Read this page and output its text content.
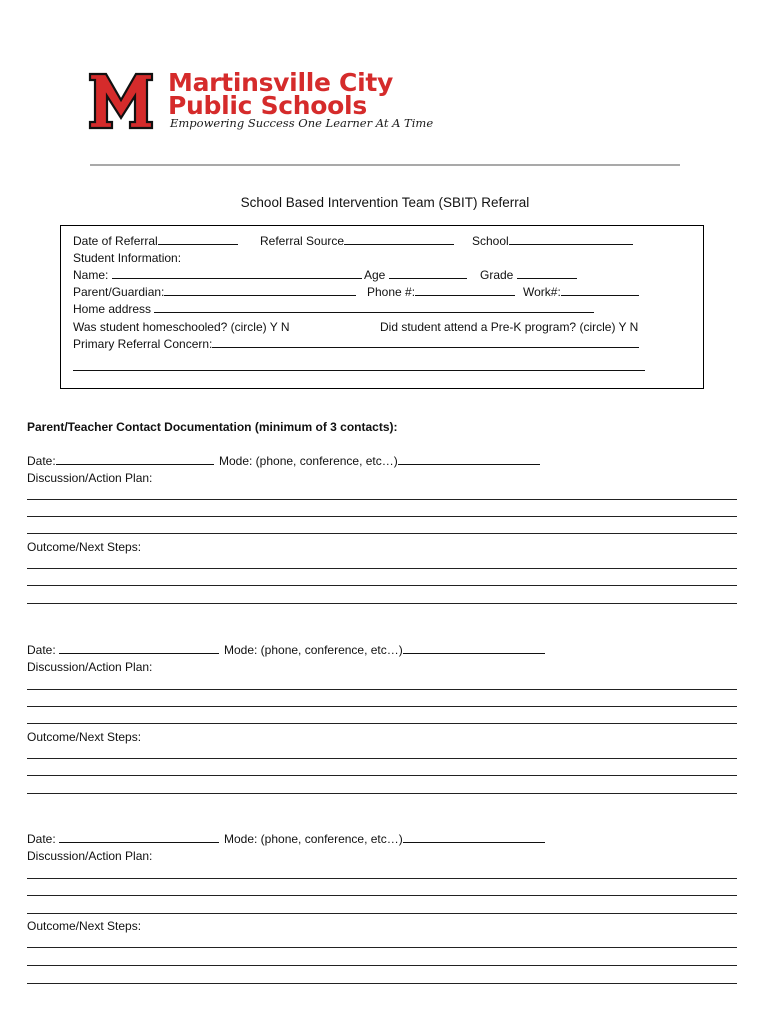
Martinsville City
Public Schools
Empowering Success One Learner At A Time
School Based Intervention Team (SBIT) Referral
Date of Referral	Referral Source	School
Student Information:
Name:	Age	Grade
Parent/Guardian:	Phone #:	Work#:
Home address
Was student homeschooled? (circle) Y N	Did student attend a Pre-K program? (circle) Y N
Primary Referral Concern:
Parent/Teacher Contact Documentation (minimum of 3 contacts):
Date:	Mode: (phone, conference, etc…)
Discussion/Action Plan:
Outcome/Next Steps:
Date:	Mode: (phone, conference, etc…)
Discussion/Action Plan:
Outcome/Next Steps:
Date:	Mode: (phone, conference, etc…)
Discussion/Action Plan:
Outcome/Next Steps:
